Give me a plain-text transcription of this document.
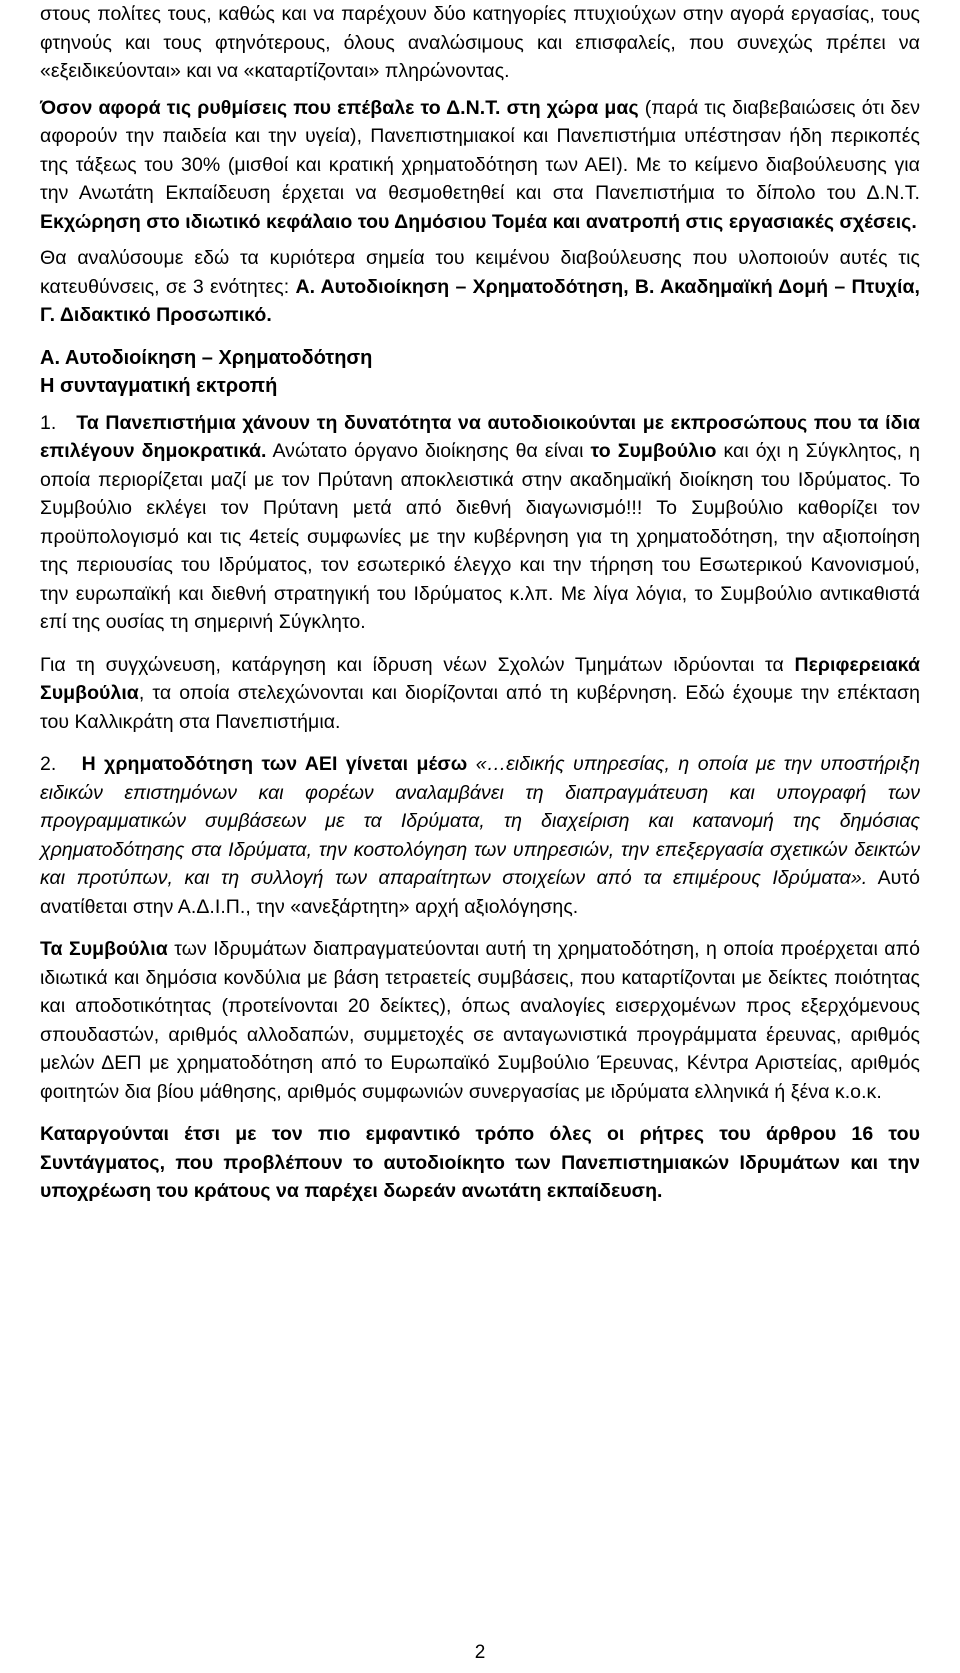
στους πολίτες τους, καθώς και να παρέχουν δύο κατηγορίες πτυχιούχων στην αγορά εργασίας, τους φτηνούς και τους φτηνότερους, όλους αναλώσιμους και επισφαλείς, που συνεχώς πρέπει να «εξειδικεύονται» και να «καταρτίζονται» πληρώνοντας.

Όσον αφορά τις ρυθμίσεις που επέβαλε το Δ.Ν.Τ. στη χώρα μας (παρά τις διαβεβαιώσεις ότι δεν αφορούν την παιδεία και την υγεία), Πανεπιστημιακοί και Πανεπιστήμια υπέστησαν ήδη περικοπές της τάξεως του 30% (μισθοί και κρατική χρηματοδότηση των ΑΕΙ). Με το κείμενο διαβούλευσης για την Ανωτάτη Εκπαίδευση έρχεται να θεσμοθετηθεί και στα Πανεπιστήμια το δίπολο του Δ.Ν.Τ. Εκχώρηση στο ιδιωτικό κεφάλαιο του Δημόσιου Τομέα και ανατροπή στις εργασιακές σχέσεις.

Θα αναλύσουμε εδώ τα κυριότερα σημεία του κειμένου διαβούλευσης που υλοποιούν αυτές τις κατευθύνσεις, σε 3 ενότητες: Α. Αυτοδιοίκηση – Χρηματοδότηση, Β. Ακαδημαϊκή Δομή – Πτυχία, Γ. Διδακτικό Προσωπικό.

Α. Αυτοδιοίκηση – Χρηματοδότηση
Η συνταγματική εκτροπή

1. Τα Πανεπιστήμια χάνουν τη δυνατότητα να αυτοδιοικούνται με εκπροσώπους που τα ίδια επιλέγουν δημοκρατικά. Ανώτατο όργανο διοίκησης θα είναι το Συμβούλιο και όχι η Σύγκλητος, η οποία περιορίζεται μαζί με τον Πρύτανη αποκλειστικά στην ακαδημαϊκή διοίκηση του Ιδρύματος. Το Συμβούλιο εκλέγει τον Πρύτανη μετά από διεθνή διαγωνισμό!!! Το Συμβούλιο καθορίζει τον προϋπολογισμό και τις 4ετείς συμφωνίες με την κυβέρνηση για τη χρηματοδότηση, την αξιοποίηση της περιουσίας του Ιδρύματος, τον εσωτερικό έλεγχο και την τήρηση του Εσωτερικού Κανονισμού, την ευρωπαϊκή και διεθνή στρατηγική του Ιδρύματος κ.λπ. Με λίγα λόγια, το Συμβούλιο αντικαθιστά επί της ουσίας τη σημερινή Σύγκλητο.

Για τη συγχώνευση, κατάργηση και ίδρυση νέων Σχολών Τμημάτων ιδρύονται τα Περιφερειακά Συμβούλια, τα οποία στελεχώνονται και διορίζονται από τη κυβέρνηση. Εδώ έχουμε την επέκταση του Καλλικράτη στα Πανεπιστήμια.

2. Η χρηματοδότηση των ΑΕΙ γίνεται μέσω «…ειδικής υπηρεσίας, η οποία με την υποστήριξη ειδικών επιστημόνων και φορέων αναλαμβάνει τη διαπραγμάτευση και υπογραφή των προγραμματικών συμβάσεων με τα Ιδρύματα, τη διαχείριση και κατανομή της δημόσιας χρηματοδότησης στα Ιδρύματα, την κοστολόγηση των υπηρεσιών, την επεξεργασία σχετικών δεικτών και προτύπων, και τη συλλογή των απαραίτητων στοιχείων από τα επιμέρους Ιδρύματα». Αυτό ανατίθεται στην Α.Δ.Ι.Π., την «ανεξάρτητη» αρχή αξιολόγησης.

Τα Συμβούλια των Ιδρυμάτων διαπραγματεύονται αυτή τη χρηματοδότηση, η οποία προέρχεται από ιδιωτικά και δημόσια κονδύλια με βάση τετραετείς συμβάσεις, που καταρτίζονται με δείκτες ποιότητας και αποδοτικότητας (προτείνονται 20 δείκτες), όπως αναλογίες εισερχομένων προς εξερχόμενους σπουδαστών, αριθμός αλλοδαπών, συμμετοχές σε ανταγωνιστικά προγράμματα έρευνας, αριθμός μελών ΔΕΠ με χρηματοδότηση από το Ευρωπαϊκό Συμβούλιο Έρευνας, Κέντρα Αριστείας, αριθμός φοιτητών δια βίου μάθησης, αριθμός συμφωνιών συνεργασίας με ιδρύματα ελληνικά ή ξένα κ.ο.κ.

Καταργούνται έτσι με τον πιο εμφαντικό τρόπο όλες οι ρήτρες του άρθρου 16 του Συντάγματος, που προβλέπουν το αυτοδιοίκητο των Πανεπιστημιακών Ιδρυμάτων και την υποχρέωση του κράτους να παρέχει δωρεάν ανωτάτη εκπαίδευση.

2
